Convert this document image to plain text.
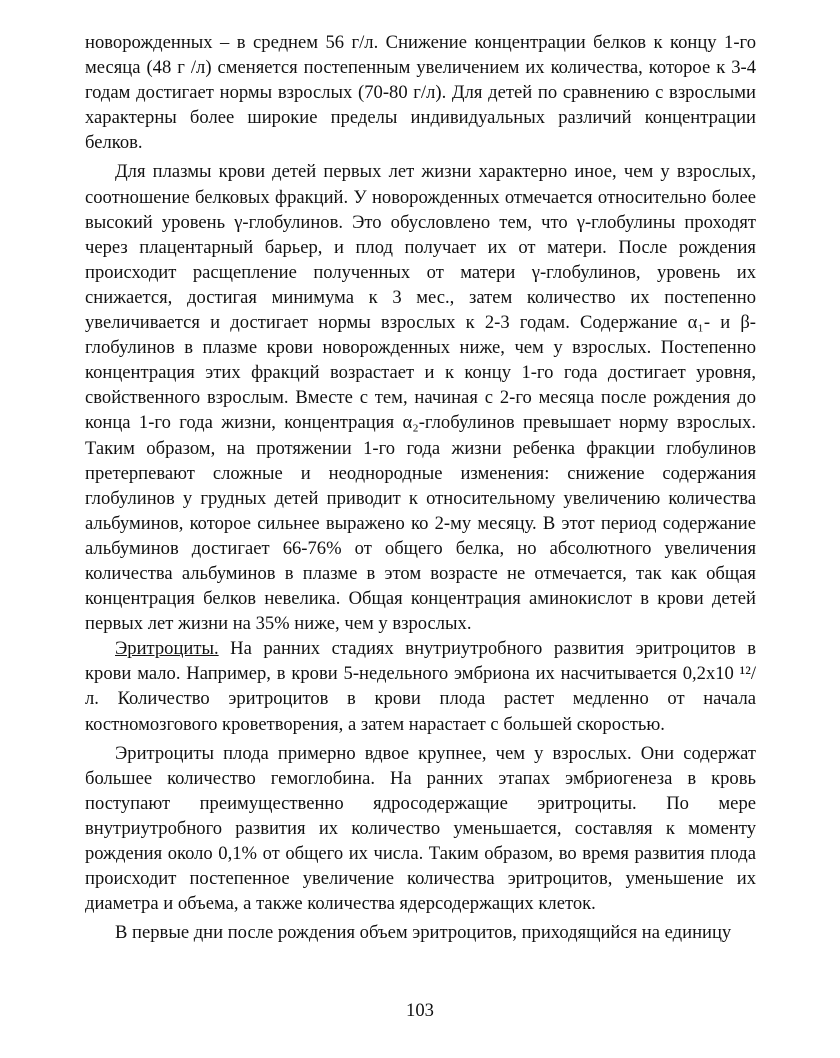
новорожденных – в среднем 56 г/л. Снижение концентрации белков к концу 1-го месяца (48 г /л) сменяется постепенным увеличением их количества, которое к 3-4 годам достигает нормы взрослых (70-80 г/л). Для детей по сравнению с взрослыми характерны более широкие пределы индивидуальных различий концентрации белков.

Для плазмы крови детей первых лет жизни характерно иное, чем у взрослых, соотношение белковых фракций. У новорожденных отмечается относительно более высокий уровень γ-глобулинов. Это обусловлено тем, что γ-глобулины проходят через плацентарный барьер, и плод получает их от матери. После рождения происходит расщепление полученных от матери γ-глобулинов, уровень их снижается, достигая минимума к 3 мес., затем количество их постепенно увеличивается и достигает нормы взрослых к 2-3 годам. Содержание α₁- и β-глобулинов в плазме крови новорожденных ниже, чем у взрослых. Постепенно концентрация этих фракций возрастает и к концу 1-го года достигает уровня, свойственного взрослым. Вместе с тем, начиная с 2-го месяца после рождения до конца 1-го года жизни, концентрация α₂-глобулинов превышает норму взрослых. Таким образом, на протяжении 1-го года жизни ребенка фракции глобулинов претерпевают сложные и неоднородные изменения: снижение содержания глобулинов у грудных детей приводит к относительному увеличению количества альбуминов, которое сильнее выражено ко 2-му месяцу. В этот период содержание альбуминов достигает 66-76% от общего белка, но абсолютного увеличения количества альбуминов в плазме в этом возрасте не отмечается, так как общая концентрация белков невелика. Общая концентрация аминокислот в крови детей первых лет жизни на 35% ниже, чем у взрослых.

Эритроциты. На ранних стадиях внутриутробного развития эритроцитов в крови мало. Например, в крови 5-недельного эмбриона их насчитывается 0,2x10 ¹²/л. Количество эритроцитов в крови плода растет медленно от начала костномозгового кроветворения, а затем нарастает с большей скоростью.

Эритроциты плода примерно вдвое крупнее, чем у взрослых. Они содержат большее количество гемоглобина. На ранних этапах эмбриогенеза в кровь поступают преимущественно ядросодержащие эритроциты. По мере внутриутробного развития их количество уменьшается, составляя к моменту рождения около 0,1% от общего их числа. Таким образом, во время развития плода происходит постепенное увеличение количества эритроцитов, уменьшение их диаметра и объема, а также количества ядерсодержащих клеток.

В первые дни после рождения объем эритроцитов, приходящийся на единицу

103
